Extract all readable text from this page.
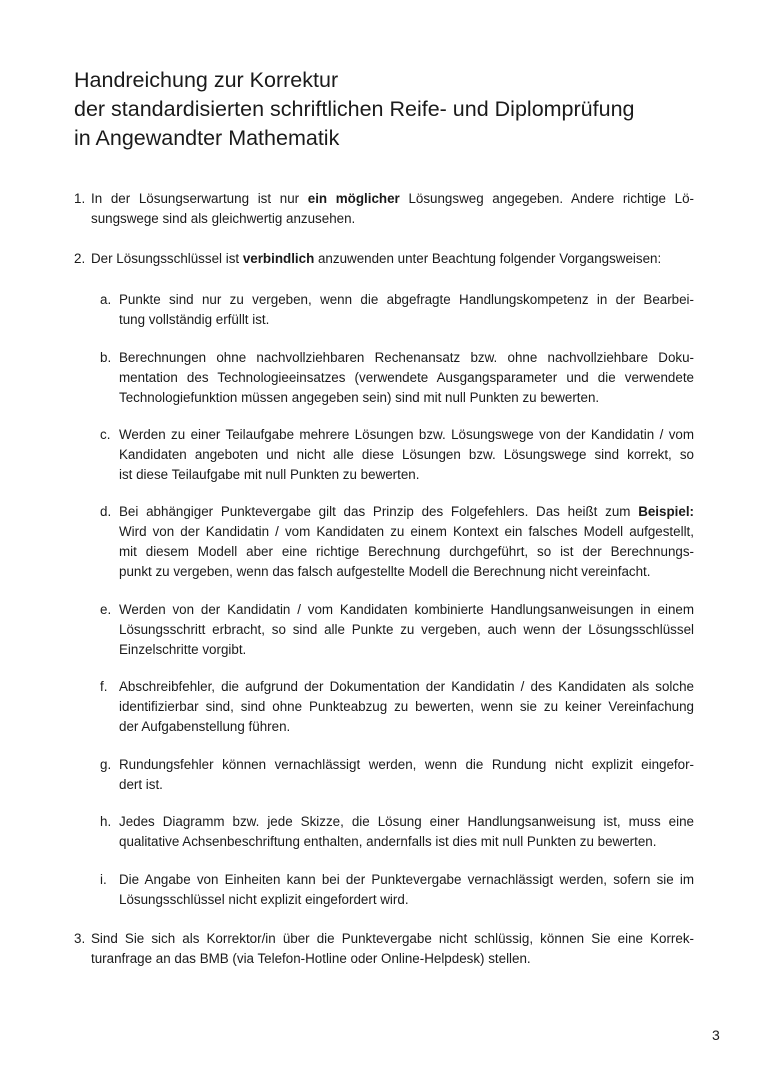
Handreichung zur Korrektur
der standardisierten schriftlichen Reife- und Diplomprüfung
in Angewandter Mathematik
1. In der Lösungserwartung ist nur ein möglicher Lösungsweg angegeben. Andere richtige Lö-
sungswege sind als gleichwertig anzusehen.
2. Der Lösungsschlüssel ist verbindlich anzuwenden unter Beachtung folgender Vorgangsweisen:
a. Punkte sind nur zu vergeben, wenn die abgefragte Handlungskompetenz in der Bearbei-
tung vollständig erfüllt ist.
b. Berechnungen ohne nachvollziehbaren Rechenansatz bzw. ohne nachvollziehbare Doku-
mentation des Technologieeinsatzes (verwendete Ausgangsparameter und die verwendete
Technologiefunktion müssen angegeben sein) sind mit null Punkten zu bewerten.
c. Werden zu einer Teilaufgabe mehrere Lösungen bzw. Lösungswege von der Kandidatin / vom
Kandidaten angeboten und nicht alle diese Lösungen bzw. Lösungswege sind korrekt, so
ist diese Teilaufgabe mit null Punkten zu bewerten.
d. Bei abhängiger Punktevergabe gilt das Prinzip des Folgefehlers. Das heißt zum Beispiel:
Wird von der Kandidatin / vom Kandidaten zu einem Kontext ein falsches Modell aufgestellt,
mit diesem Modell aber eine richtige Berechnung durchgeführt, so ist der Berechnungs-
punkt zu vergeben, wenn das falsch aufgestellte Modell die Berechnung nicht vereinfacht.
e. Werden von der Kandidatin / vom Kandidaten kombinierte Handlungsanweisungen in einem
Lösungsschritt erbracht, so sind alle Punkte zu vergeben, auch wenn der Lösungsschlüssel
Einzelschritte vorgibt.
f. Abschreibfehler, die aufgrund der Dokumentation der Kandidatin / des Kandidaten als solche
identifizierbar sind, sind ohne Punkteabzug zu bewerten, wenn sie zu keiner Vereinfachung
der Aufgabenstellung führen.
g. Rundungsfehler können vernachlässigt werden, wenn die Rundung nicht explizit eingefor-
dert ist.
h. Jedes Diagramm bzw. jede Skizze, die Lösung einer Handlungsanweisung ist, muss eine
qualitative Achsenbeschriftung enthalten, andernfalls ist dies mit null Punkten zu bewerten.
i. Die Angabe von Einheiten kann bei der Punktevergabe vernachlässigt werden, sofern sie im
Lösungsschlüssel nicht explizit eingefordert wird.
3. Sind Sie sich als Korrektor/in über die Punktevergabe nicht schlüssig, können Sie eine Korrek-
turanfrage an das BMB (via Telefon-Hotline oder Online-Helpdesk) stellen.
3
